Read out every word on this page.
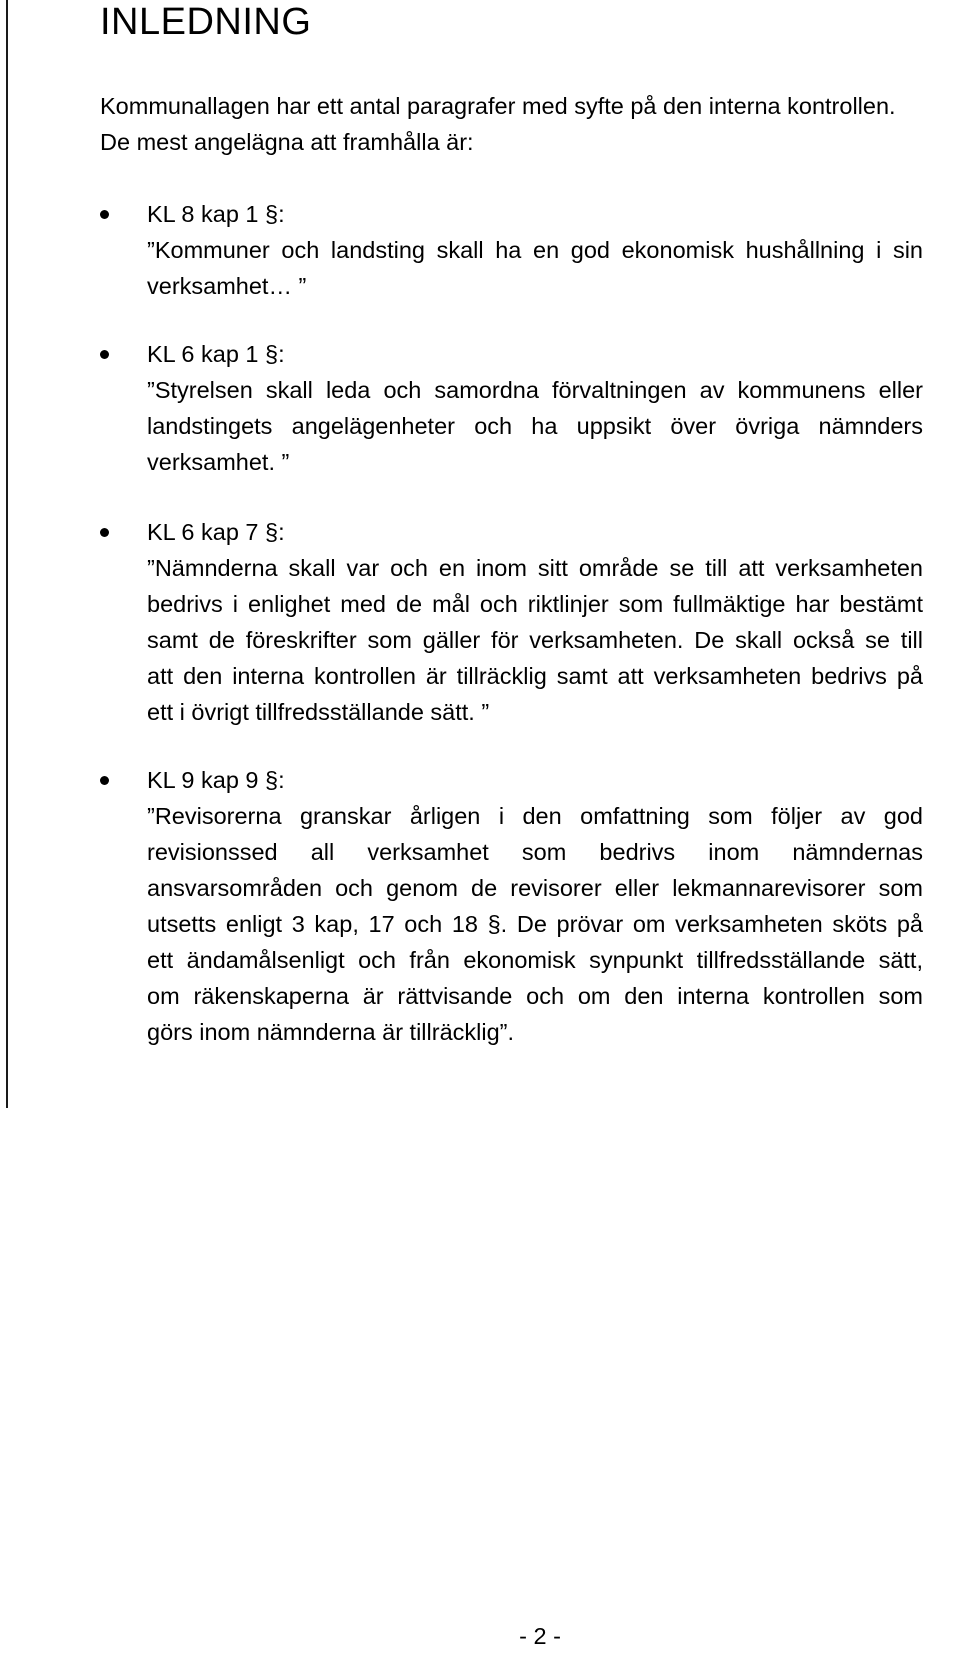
INLEDNING
Kommunallagen har ett antal paragrafer med syfte på den interna kontrollen.
De mest angelägna att framhålla är:
KL 8 kap 1 §:
”Kommuner och landsting skall ha en god ekonomisk hushållning i sin
verksamhet… ”
KL 6 kap 1 §:
”Styrelsen skall leda och samordna förvaltningen av kommunens eller
landstingets angelägenheter och ha uppsikt över övriga nämnders
verksamhet. ”
KL 6 kap 7 §:
”Nämnderna skall var och en inom sitt område se till att verksamheten
bedrivs i enlighet med de mål och riktlinjer som fullmäktige har bestämt
samt de föreskrifter som gäller för verksamheten. De skall också se till
att den interna kontrollen är tillräcklig samt att verksamheten bedrivs på
ett i övrigt tillfredsställande sätt. ”
KL 9 kap 9 §:
”Revisorerna granskar årligen i den omfattning som följer av god
revisionssed all verksamhet som bedrivs inom nämndernas
ansvarsområden och genom de revisorer eller lekmannarevisorer som
utsetts enligt 3 kap, 17 och 18 §. De prövar om verksamheten sköts på
ett ändamålsenligt och från ekonomisk synpunkt tillfredsställande sätt,
om räkenskaperna är rättvisande och om den interna kontrollen som
görs inom nämnderna är tillräcklig”.
- 2 -
